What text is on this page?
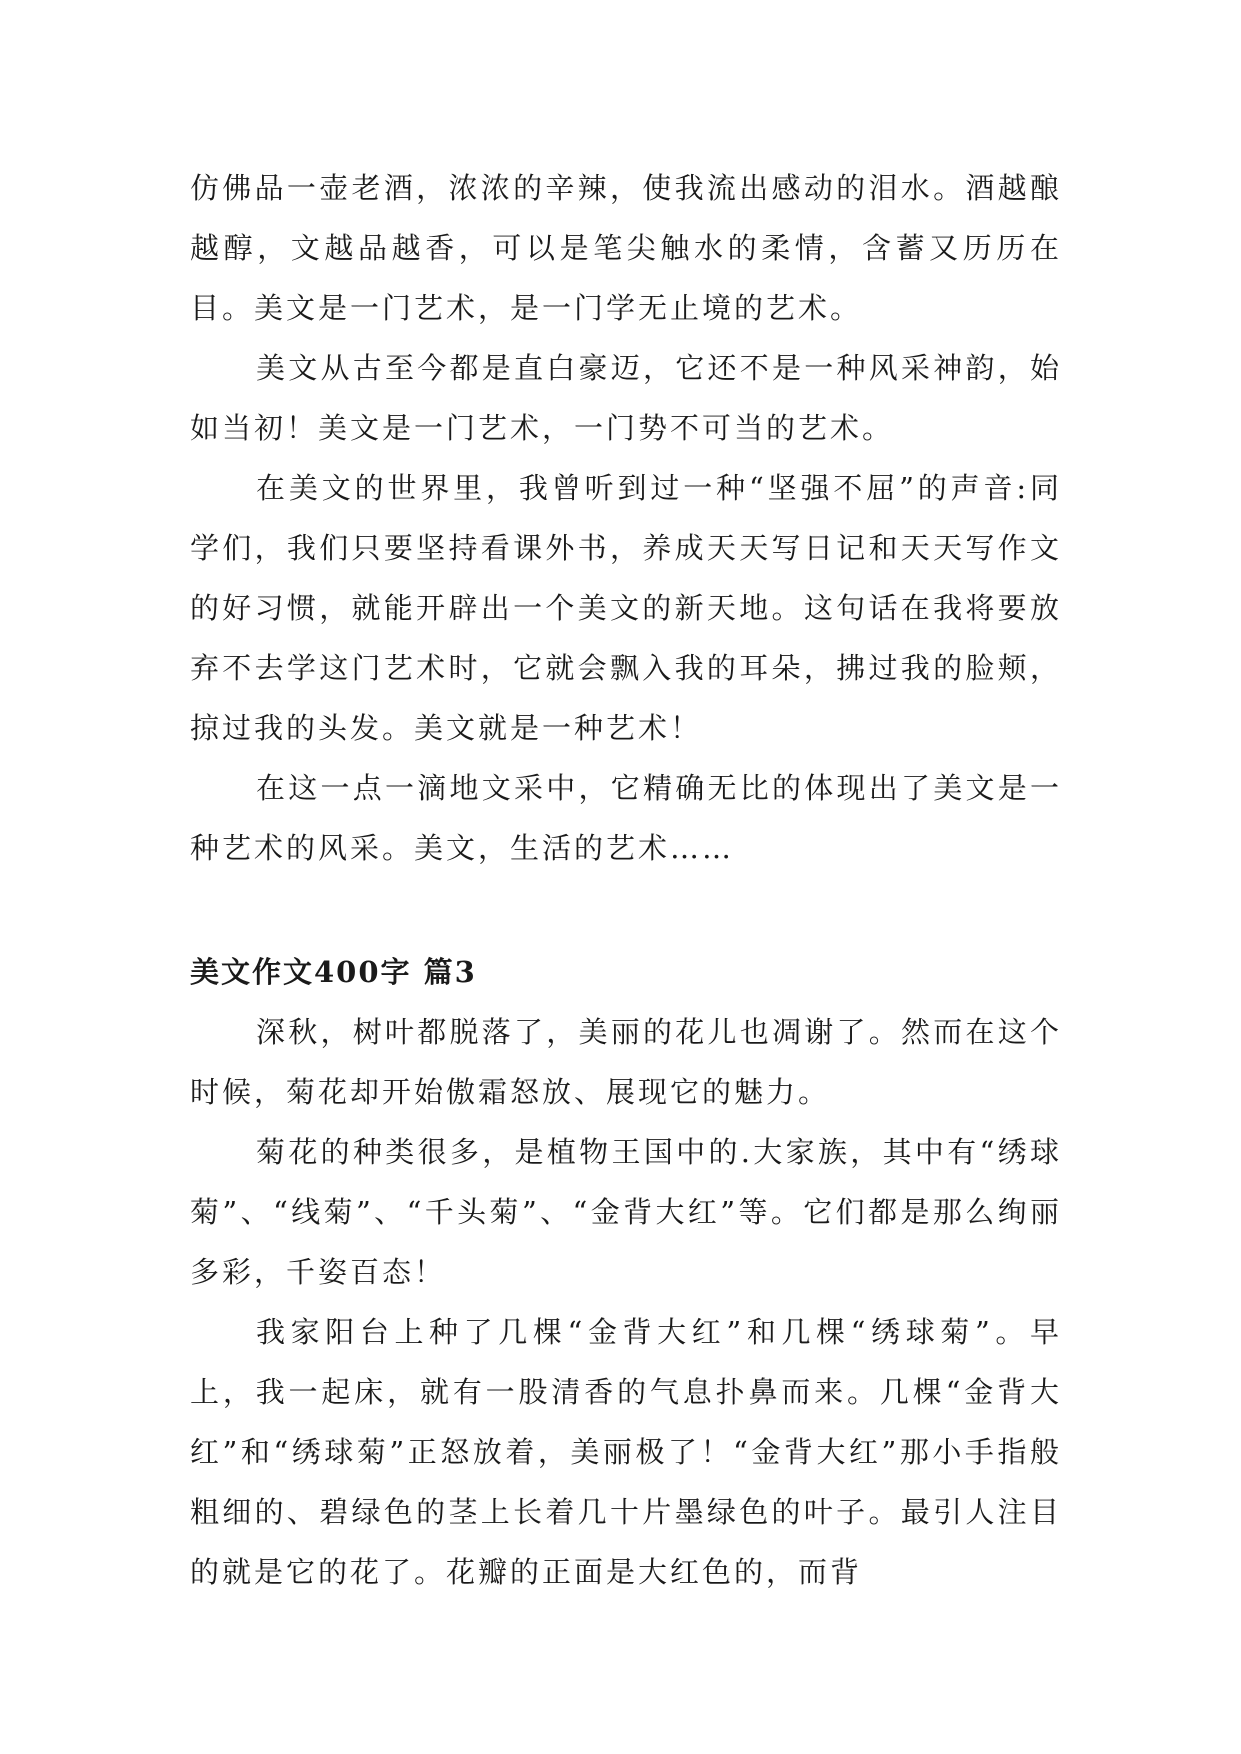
仿佛品一壶老酒，浓浓的辛辣，使我流出感动的泪水。酒越酿越醇，文越品越香，可以是笔尖触水的柔情，含蓄又历历在目。美文是一门艺术，是一门学无止境的艺术。

美文从古至今都是直白豪迈，它还不是一种风采神韵，始如当初！美文是一门艺术，一门势不可当的艺术。

在美文的世界里，我曾听到过一种“坚强不屈”的声音:同学们，我们只要坚持看课外书，养成天天写日记和天天写作文的好习惯，就能开辟出一个美文的新天地。这句话在我将要放弃不去学这门艺术时，它就会飘入我的耳朵，拂过我的脸颊，掠过我的头发。美文就是一种艺术！

在这一点一滴地文采中，它精确无比的体现出了美文是一种艺术的风采。美文，生活的艺术……

美文作文400字 篇3

深秋，树叶都脱落了，美丽的花儿也凋谢了。然而在这个时候，菊花却开始傲霜怒放、展现它的魅力。

菊花的种类很多，是植物王国中的.大家族，其中有“绣球菊”、“线菊”、“千头菊”、“金背大红”等。它们都是那么绚丽多彩，千姿百态！

我家阳台上种了几棵“金背大红”和几棵“绣球菊”。早上，我一起床，就有一股清香的气息扑鼻而来。几棵“金背大红”和“绣球菊”正怒放着，美丽极了！“金背大红”那小手指般粗细的、碧绿色的茎上长着几十片墨绿色的叶子。最引人注目的就是它的花了。花瓣的正面是大红色的，而背
